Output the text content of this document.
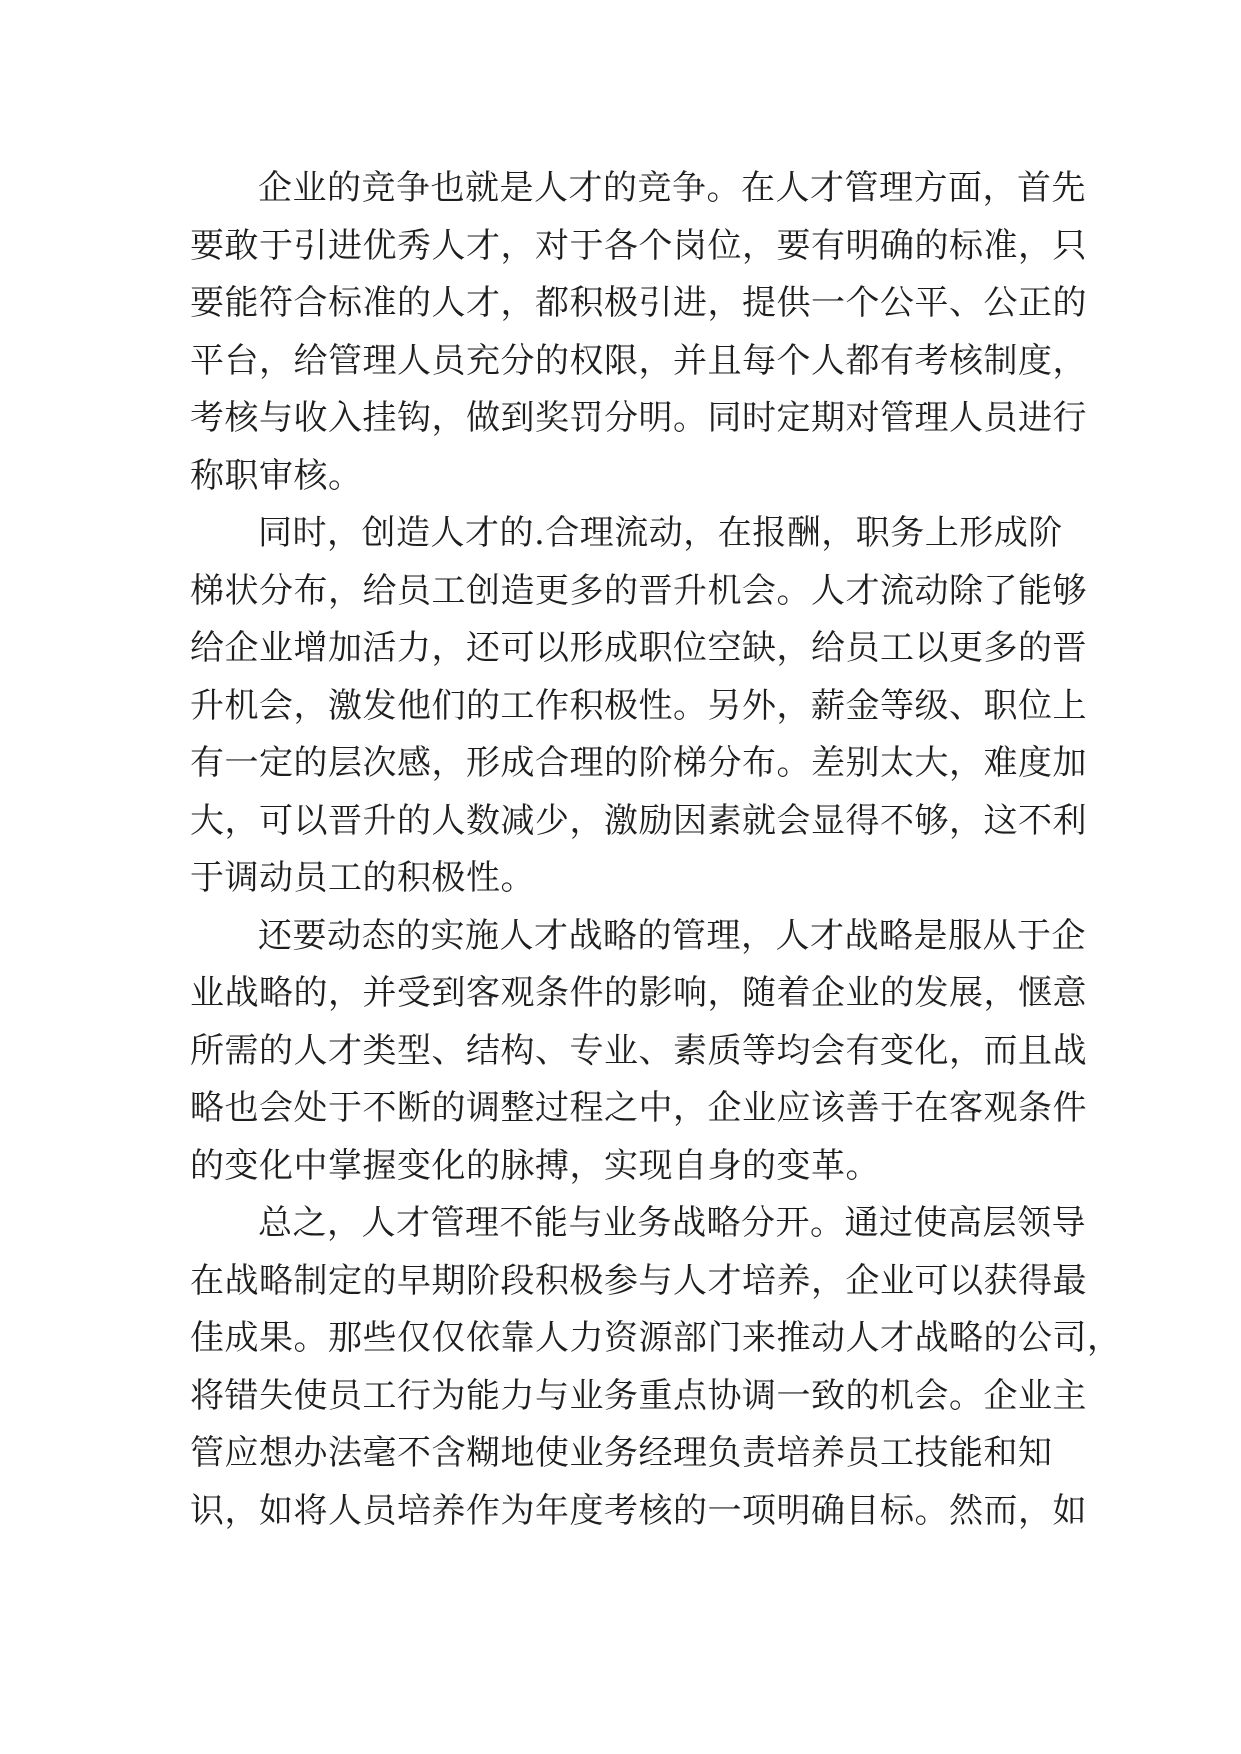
企业的竞争也就是人才的竞争。在人才管理方面，首先
要敢于引进优秀人才，对于各个岗位，要有明确的标准，只
要能符合标准的人才，都积极引进，提供一个公平、公正的
平台，给管理人员充分的权限，并且每个人都有考核制度，
考核与收入挂钩，做到奖罚分明。同时定期对管理人员进行
称职审核。
同时，创造人才的.合理流动，在报酬，职务上形成阶
梯状分布，给员工创造更多的晋升机会。人才流动除了能够
给企业增加活力，还可以形成职位空缺，给员工以更多的晋
升机会，激发他们的工作积极性。另外，薪金等级、职位上
有一定的层次感，形成合理的阶梯分布。差别太大，难度加
大，可以晋升的人数减少，激励因素就会显得不够，这不利
于调动员工的积极性。
还要动态的实施人才战略的管理，人才战略是服从于企
业战略的，并受到客观条件的影响，随着企业的发展，惬意
所需的人才类型、结构、专业、素质等均会有变化，而且战
略也会处于不断的调整过程之中，企业应该善于在客观条件
的变化中掌握变化的脉搏，实现自身的变革。
总之，人才管理不能与业务战略分开。通过使高层领导
在战略制定的早期阶段积极参与人才培养，企业可以获得最
佳成果。那些仅仅依靠人力资源部门来推动人才战略的公司，
将错失使员工行为能力与业务重点协调一致的机会。企业主
管应想办法毫不含糊地使业务经理负责培养员工技能和知
识，如将人员培养作为年度考核的一项明确目标。然而，如
